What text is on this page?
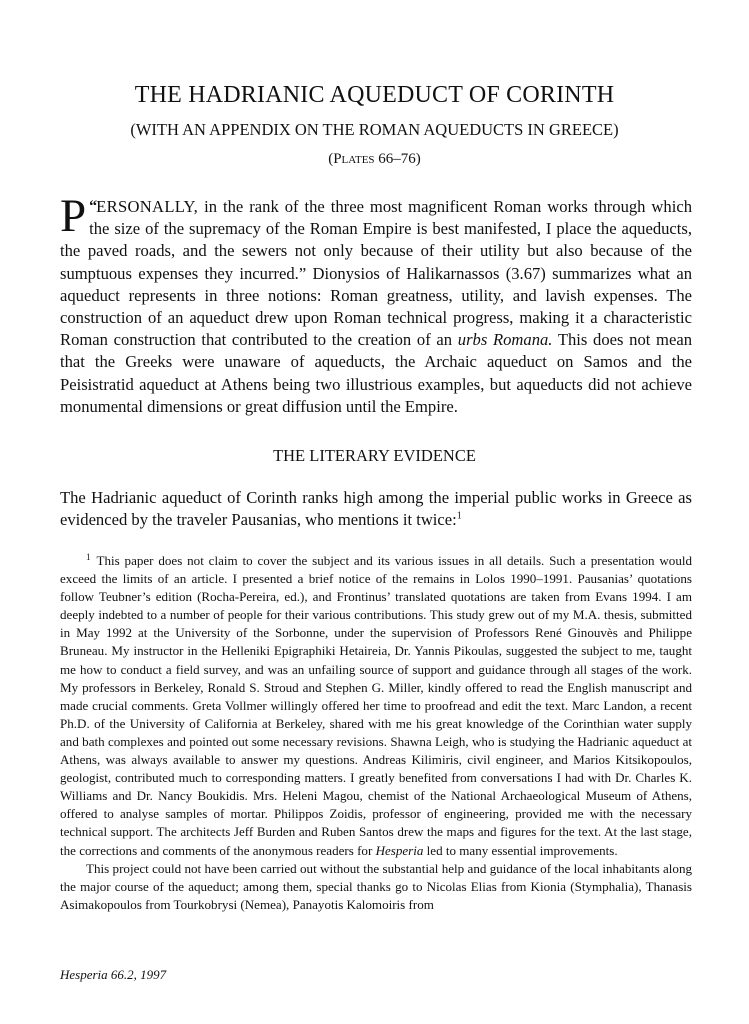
THE HADRIANIC AQUEDUCT OF CORINTH

(WITH AN APPENDIX ON THE ROMAN AQUEDUCTS IN GREECE)

(Plates 66–76)

“
P ERSONALLY, in the rank of the three most magnificent Roman works through which the size of the supremacy of the Roman Empire is best manifested, I place the aqueducts, the paved roads, and the sewers not only because of their utility but also because of the sumptuous expenses they incurred.” Dionysios of Halikarnassos (3.67) summarizes what an aqueduct represents in three notions: Roman greatness, utility, and lavish expenses. The construction of an aqueduct drew upon Roman technical progress, making it a characteristic Roman construction that contributed to the creation of an urbs Romana. This does not mean that the Greeks were unaware of aqueducts, the Archaic aqueduct on Samos and the Peisistratid aqueduct at Athens being two illustrious examples, but aqueducts did not achieve monumental dimensions or great diffusion until the Empire.

THE LITERARY EVIDENCE

The Hadrianic aqueduct of Corinth ranks high among the imperial public works in Greece as evidenced by the traveler Pausanias, who mentions it twice:$^1$

$^1$ This paper does not claim to cover the subject and its various issues in all details. Such a presentation would exceed the limits of an article. I presented a brief notice of the remains in Lolos 1990–1991. Pausanias’ quotations follow Teubner’s edition (Rocha-Pereira, ed.), and Frontinus’ translated quotations are taken from Evans 1994. I am deeply indebted to a number of people for their various contributions. This study grew out of my M.A. thesis, submitted in May 1992 at the University of the Sorbonne, under the supervision of Professors René Ginouvès and Philippe Bruneau. My instructor in the Helleniki Epigraphiki Hetaireia, Dr. Yannis Pikoulas, suggested the subject to me, taught me how to conduct a field survey, and was an unfailing source of support and guidance through all stages of the work. My professors in Berkeley, Ronald S. Stroud and Stephen G. Miller, kindly offered to read the English manuscript and made crucial comments. Greta Vollmer willingly offered her time to proofread and edit the text. Marc Landon, a recent Ph.D. of the University of California at Berkeley, shared with me his great knowledge of the Corinthian water supply and bath complexes and pointed out some necessary revisions. Shawna Leigh, who is studying the Hadrianic aqueduct at Athens, was always available to answer my questions. Andreas Kilimiris, civil engineer, and Marios Kitsikopoulos, geologist, contributed much to corresponding matters. I greatly benefited from conversations I had with Dr. Charles K. Williams and Dr. Nancy Boukidis. Mrs. Heleni Magou, chemist of the National Archaeological Museum of Athens, offered to analyse samples of mortar. Philippos Zoidis, professor of engineering, provided me with the necessary technical support. The architects Jeff Burden and Ruben Santos drew the maps and figures for the text. At the last stage, the corrections and comments of the anonymous readers for Hesperia led to many essential improvements.

This project could not have been carried out without the substantial help and guidance of the local inhabitants along the major course of the aqueduct; among them, special thanks go to Nicolas Elias from Kionia (Stymphalia), Thanasis Asimakopoulos from Tourkobrysi (Nemea), Panayotis Kalomoiris from

Hesperia 66.2, 1997
